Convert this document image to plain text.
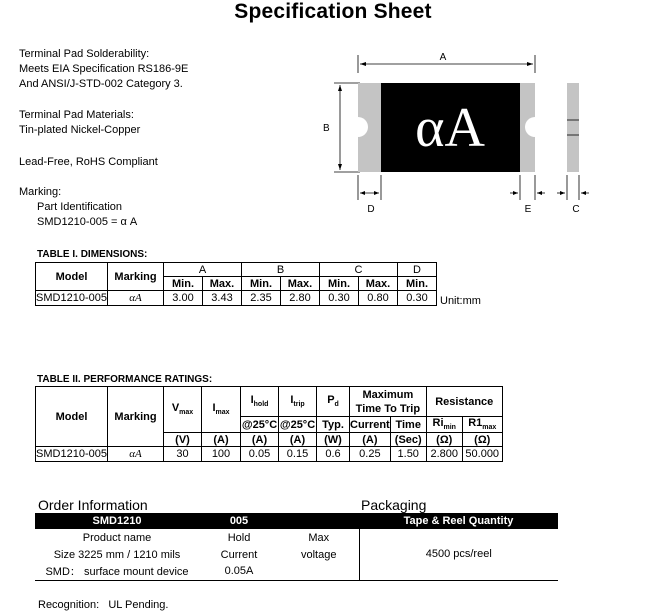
Specification Sheet
Terminal Pad Solderability:
Meets EIA Specification RS186-9E
And ANSI/J-STD-002 Category 3.
Terminal Pad Materials:
Tin-plated Nickel-Copper
Lead-Free, RoHS Compliant
Marking:
Part Identification
SMD1210-005 = α A
αA
A
B
D	E	C
TABLE I. DIMENSIONS:
Model	Marking	A		B		C		D
		Min.	Max.	Min.	Max.	Min.	Max.	Min.
SMD1210-005	αA	3.00	3.43	2.35	2.80	0.30	0.80	0.30 Unit:mm
TABLE II. PERFORMANCE RATINGS:
Model	Marking	$V_{max}$	$I_{max}$	$I_{hold}$	$I_{trip}$	$P_d$	Maximum Time To Trip		Resistance	
				@25°C	@25°C	Typ.	Current	Time	$Ri_{min}$	$R1_{max}$
		(V)	(A)	(A)	(A)	(W)	(A)	(Sec)	(Ω)	(Ω)
SMD1210-005	αA	30	100	0.05	0.15	0.6	0.25	1.50	2.800	50.000
Order Information	Packaging
SMD1210	005		Tape & Reel Quantity
Product name	Hold	Max	4500 pcs/reel
Size 3225 mm / 1210 mils	Current	voltage	
SMD： surface mount device	0.05A		
Recognition:   UL Pending.
